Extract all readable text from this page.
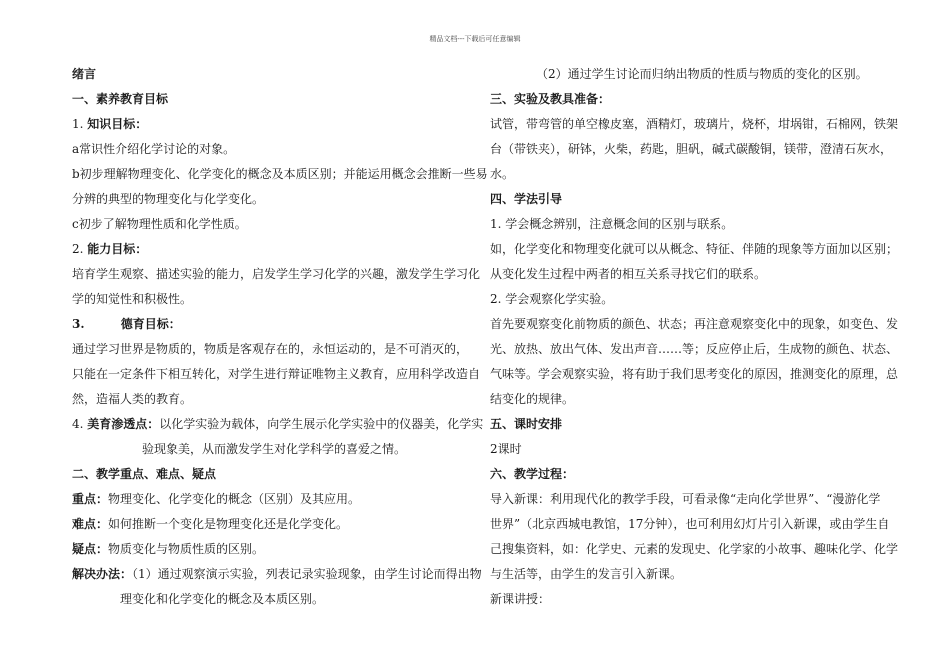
精品文档---下载后可任意编辑
绪言
一、素养教育目标
1. 知识目标：
a常识性介绍化学讨论的对象。
b初步理解物理变化、化学变化的概念及本质区别；并能运用概念会推断一些易
分辨的典型的物理变化与化学变化。
c初步了解物理性质和化学性质。
2. 能力目标：
培育学生观察、描述实验的能力，启发学生学习化学的兴趣，激发学生学习化
学的知觉性和积极性。
3.	德育目标：
通过学习世界是物质的，物质是客观存在的，永恒运动的，是不可消灭的，
只能在一定条件下相互转化，对学生进行辩证唯物主义教育，应用科学改造自
然，造福人类的教育。
4. 美育渗透点：以化学实验为载体，向学生展示化学实验中的仪器美，化学实
验现象美，从而激发学生对化学科学的喜爱之情。
二、教学重点、难点、疑点
重点：物理变化、化学变化的概念（区别）及其应用。
难点：如何推断一个变化是物理变化还是化学变化。
疑点：物质变化与物质性质的区别。
解决办法：（1）通过观察演示实验，列表记录实验现象，由学生讨论而得出物
理变化和化学变化的概念及本质区别。
（2）通过学生讨论而归纳出物质的性质与物质的变化的区别。
三、实验及教具准备：
试管，带弯管的单空橡皮塞，酒精灯，玻璃片，烧杯，坩埚钳，石棉网，铁架
台（带铁夹），研钵，火柴，药匙，胆矾，碱式碳酸铜，镁带，澄清石灰水，
水。
四、学法引导
1. 学会概念辨别，注意概念间的区别与联系。
如，化学变化和物理变化就可以从概念、特征、伴随的现象等方面加以区别；
从变化发生过程中两者的相互关系寻找它们的联系。
2. 学会观察化学实验。
首先要观察变化前物质的颜色、状态；再注意观察变化中的现象，如变色、发
光、放热、放出气体、发出声音……等；反应停止后，生成物的颜色、状态、
气味等。学会观察实验，将有助于我们思考变化的原因，推测变化的原理，总
结变化的规律。
五、课时安排
2课时
六、教学过程：
导入新课：利用现代化的教学手段，可看录像“走向化学世界”、“漫游化学
世界”（北京西城电教馆，17分钟），也可利用幻灯片引入新课，或由学生自
己搜集资料，如：化学史、元素的发现史、化学家的小故事、趣味化学、化学
与生活等，由学生的发言引入新课。
新课讲授：
